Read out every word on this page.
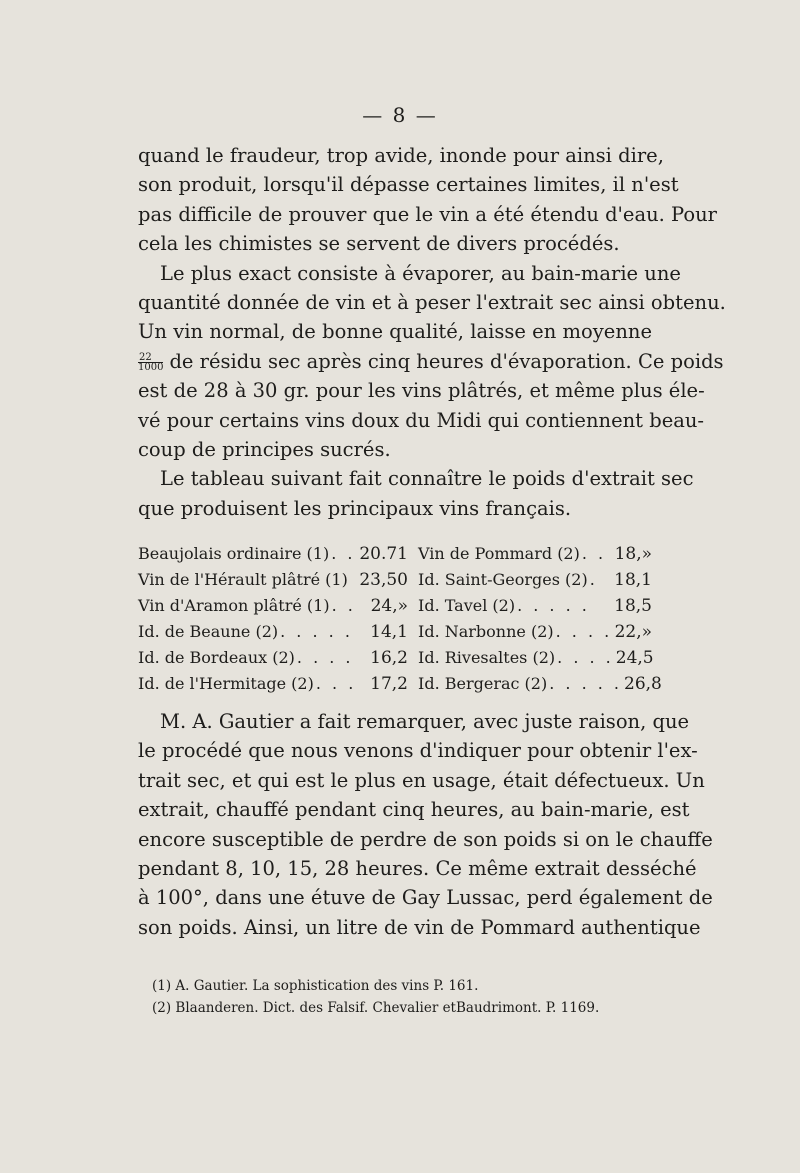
— 8 —
quand le fraudeur, trop avide, inonde pour ainsi dire,
son produit, lorsqu'il dépasse certaines limites, il n'est
pas difficile de prouver que le vin a été étendu d'eau. Pour
cela les chimistes se servent de divers procédés.
Le plus exact consiste à évaporer, au bain-marie une
quantité donnée de vin et à peser l'extrait sec ainsi obtenu.
Un vin normal, de bonne qualité, laisse en moyenne
$\frac{22}{1000}$ de résidu sec après cinq heures d'évaporation. Ce poids
est de 28 à 30 gr. pour les vins plâtrés, et même plus éle-
vé pour certains vins doux du Midi qui contiennent beau-
coup de principes sucrés.
Le tableau suivant fait connaître le poids d'extrait sec
que produisent les principaux vins français.
Beaujolais ordinaire (1) . . 20.71 Vin de Pommard (2) . . 18,»
Vin de l'Hérault plâtré (1) 23,50 Id. Saint-Georges (2) . 18,1
Vin d'Aramon plâtré (1) . . 24,» Id. Tavel (2) . . . . .	18,5
Id. de Beaune (2) . . . . .	14,1 Id. Narbonne (2) . . . . 22,»
Id. de Bordeaux (2) . . . . 16,2 Id. Rivesaltes (2) . . . . 24,5
Id. de l'Hermitage (2) . . . 17,2 Id. Bergerac (2) . . . . . 26,8
M. A. Gautier a fait remarquer, avec juste raison, que
le procédé que nous venons d'indiquer pour obtenir l'ex-
trait sec, et qui est le plus en usage, était défectueux. Un
extrait, chauffé pendant cinq heures, au bain-marie, est
encore susceptible de perdre de son poids si on le chauffe
pendant 8, 10, 15, 28 heures. Ce même extrait desséché
à 100°, dans une étuve de Gay Lussac, perd également de
son poids. Ainsi, un litre de vin de Pommard authentique
(1) A. Gautier. La sophistication des vins P. 161.
(2) Blaanderen. Dict. des Falsif. Chevalier etBaudrimont. P. 1169.
